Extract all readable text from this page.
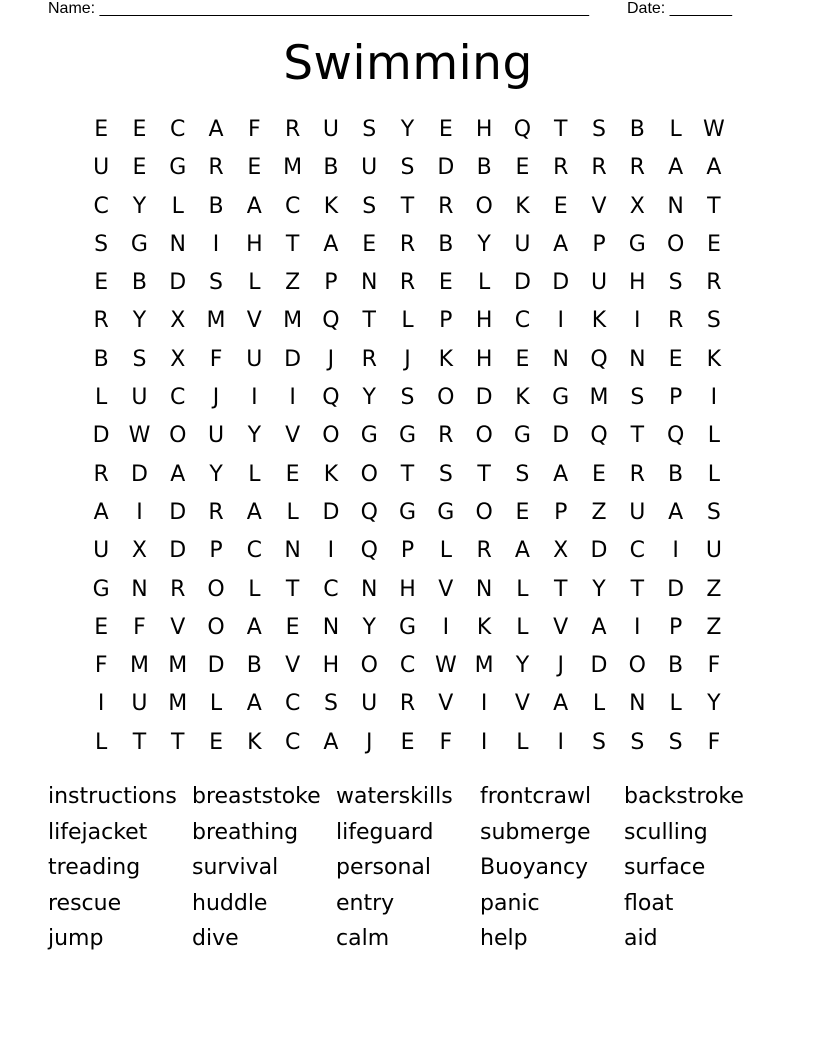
Name: _______________________________________________________ Date: _______
Swimming
E	E	C	A	F	R	U	S	Y	E	H Q	T	S	B	L W
U	E	G	R	E M B	U	S	D	B	E	R	R	R	A	A
C	Y	L	B	A	C	K	S	T	R O	K	E	V	X	N	T
S	G N	I	H	T	A	E	R	B	Y	U	A	P	G O	E
E	B	D	S	L	Z	P	N	R	E	L	D D U H	S	R
R	Y	X M V M Q	T	L	P	H	C	I	K	I	R	S
B	S	X	F	U D	J	R	J	K	H	E	N Q N	E	K
L	U	C	J	I	I	Q	Y	S	O D	K	G M S	P	I
D W O U	Y	V	O G G	R O G D Q	T	Q	L
R	D	A	Y	L	E	K	O	T	S	T	S	A	E	R	B	L
A	I	D	R	A	L	D Q G G O	E	P	Z	U	A	S
U	X	D	P	C	N	I	Q	P	L	R	A	X	D	C	I	U
G N	R O	L	T	C	N H	V	N	L	T	Y	T	D	Z
E	F	V	O	A	E	N	Y	G	I	K	L	V	A	I	P	Z
F	M M D	B	V	H O C W M	Y	J	D O	B	F
I	U M	L	A	C	S	U	R	V	I	V	A	L	N	L	Y
L	T	T	E	K	C	A	J	E	F	I	L	I	S	S	S	F
instructions breaststoke waterskills	frontcrawl	backstroke
lifejacket	breathing	lifeguard	submerge	sculling
treading	survival	personal	Buoyancy	surface
rescue	huddle	entry	panic	float
jump	dive	calm	help	aid
